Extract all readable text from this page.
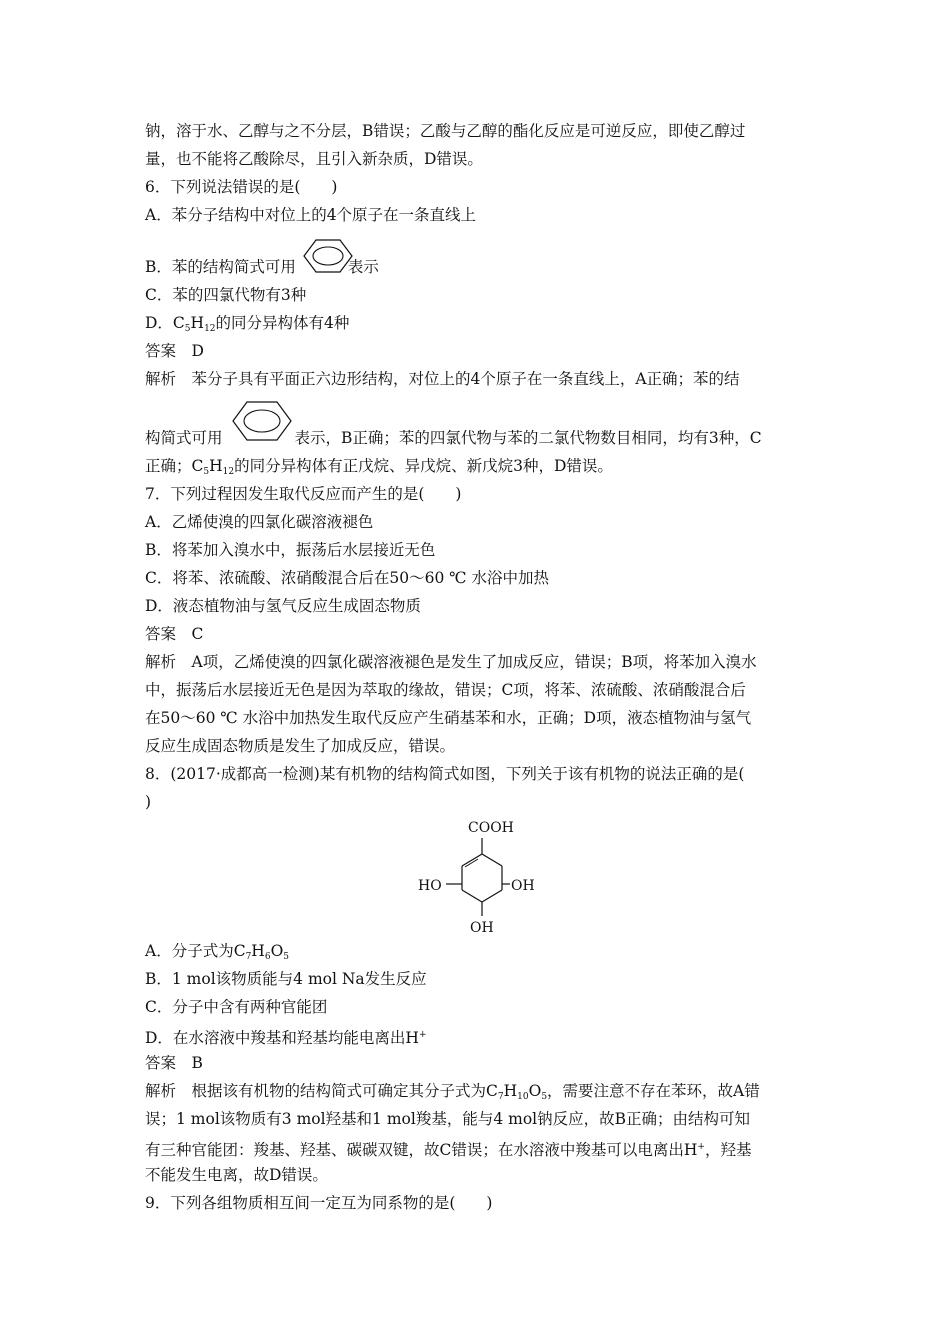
钠，溶于水、乙醇与之不分层，B错误；乙酸与乙醇的酯化反应是可逆反应，即使乙醇过
量，也不能将乙酸除尽，且引入新杂质，D错误。
6．下列说法错误的是(　　)
A．苯分子结构中对位上的4个原子在一条直线上
B．苯的结构简式可用	表示
C．苯的四氯代物有3种
D．$C_5H_{12}$的同分异构体有4种
答案　D
解析　苯分子具有平面正六边形结构，对位上的4个原子在一条直线上，A正确；苯的结
构简式可用	表示，B正确；苯的四氯代物与苯的二氯代物数目相同，均有3种，C
正确；$C_5H_{12}$的同分异构体有正戊烷、异戊烷、新戊烷3种，D错误。
7．下列过程因发生取代反应而产生的是(　　)
A．乙烯使溴的四氯化碳溶液褪色
B．将苯加入溴水中，振荡后水层接近无色
C．将苯、浓硫酸、浓硝酸混合后在50～60 ℃ 水浴中加热
D．液态植物油与氢气反应生成固态物质
答案　C
解析　A项，乙烯使溴的四氯化碳溶液褪色是发生了加成反应，错误；B项，将苯加入溴水
中，振荡后水层接近无色是因为萃取的缘故，错误；C项，将苯、浓硫酸、浓硝酸混合后
在50～60 ℃ 水浴中加热发生取代反应产生硝基苯和水，正确；D项，液态植物油与氢气
反应生成固态物质是发生了加成反应，错误。
8．(2017·成都高一检测)某有机物的结构简式如图，下列关于该有机物的说法正确的是(
)
COOH
HO	OH
OH
A．分子式为$C_7H_6O_5$
B．1 mol该物质能与4 mol Na发生反应
C．分子中含有两种官能团
D．在水溶液中羧基和羟基均能电离出H+
答案　B
解析　根据该有机物的结构简式可确定其分子式为$C_7H_{10}O_5$，需要注意不存在苯环，故A错
误；1 mol该物质有3 mol羟基和1 mol羧基，能与4 mol钠反应，故B正确；由结构可知
有三种官能团：羧基、羟基、碳碳双键，故C错误；在水溶液中羧基可以电离出H+，羟基
不能发生电离，故D错误。
9．下列各组物质相互间一定互为同系物的是(　　)
